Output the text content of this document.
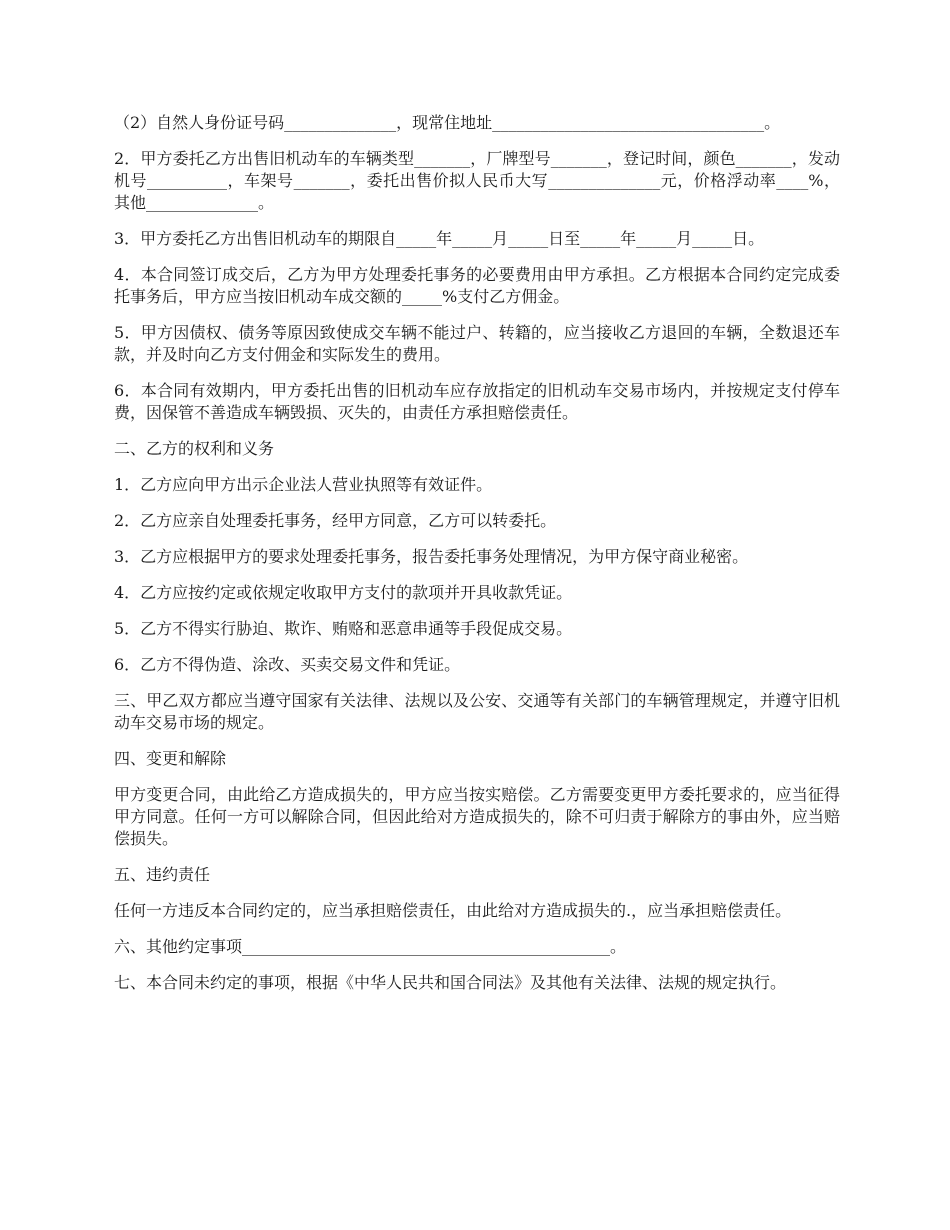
（2）自然人身份证号码______________，现常住地址__________________________________。

2．甲方委托乙方出售旧机动车的车辆类型_______，厂牌型号_______，登记时间，颜色_______，发动机号__________，车架号_______，委托出售价拟人民币大写______________元，价格浮动率____%，其他______________。

3．甲方委托乙方出售旧机动车的期限自_____年_____月_____日至_____年_____月_____日。

4．本合同签订成交后，乙方为甲方处理委托事务的必要费用由甲方承担。乙方根据本合同约定完成委托事务后，甲方应当按旧机动车成交额的_____%支付乙方佣金。

5．甲方因债权、债务等原因致使成交车辆不能过户、转籍的，应当接收乙方退回的车辆，全数退还车款，并及时向乙方支付佣金和实际发生的费用。

6．本合同有效期内，甲方委托出售的旧机动车应存放指定的旧机动车交易市场内，并按规定支付停车费，因保管不善造成车辆毁损、灭失的，由责任方承担赔偿责任。

二、乙方的权利和义务

1．乙方应向甲方出示企业法人营业执照等有效证件。

2．乙方应亲自处理委托事务，经甲方同意，乙方可以转委托。

3．乙方应根据甲方的要求处理委托事务，报告委托事务处理情况，为甲方保守商业秘密。

4．乙方应按约定或依规定收取甲方支付的款项并开具收款凭证。

5．乙方不得实行胁迫、欺诈、贿赂和恶意串通等手段促成交易。

6．乙方不得伪造、涂改、买卖交易文件和凭证。

三、甲乙双方都应当遵守国家有关法律、法规以及公安、交通等有关部门的车辆管理规定，并遵守旧机动车交易市场的规定。

四、变更和解除

甲方变更合同，由此给乙方造成损失的，甲方应当按实赔偿。乙方需要变更甲方委托要求的，应当征得甲方同意。任何一方可以解除合同，但因此给对方造成损失的，除不可归责于解除方的事由外，应当赔偿损失。

五、违约责任

任何一方违反本合同约定的，应当承担赔偿责任，由此给对方造成损失的.，应当承担赔偿责任。

六、其他约定事项______________________________________________。

七、本合同未约定的事项，根据《中华人民共和国合同法》及其他有关法律、法规的规定执行。
